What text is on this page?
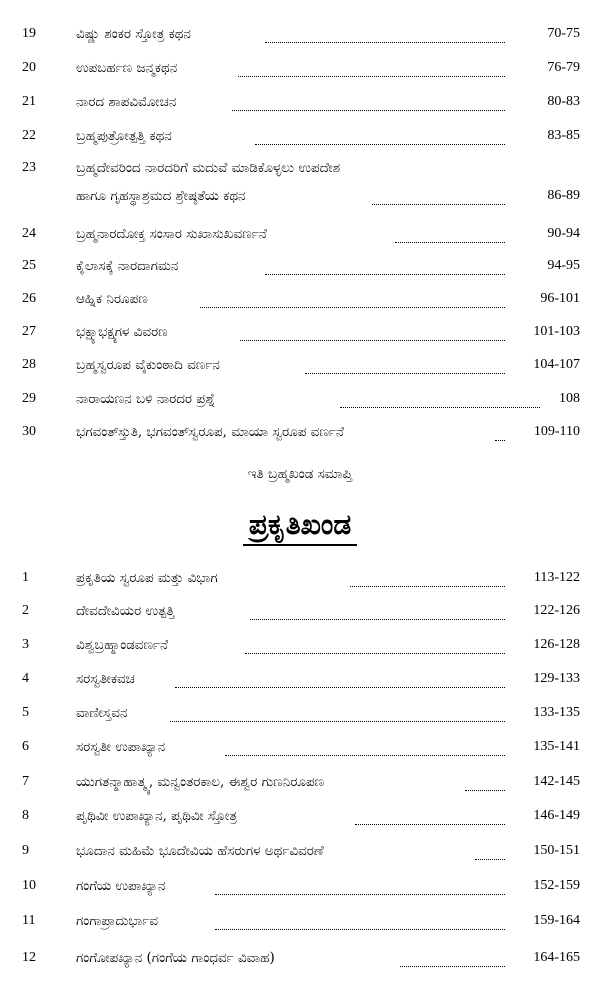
19	ವಿಷ್ಣು ಶಂಕರ ಸ್ತೋತ್ರ ಕಥನ	70-75
20	ಉಪಬರ್ಹಣ ಜನ್ಮಕಥನ	76-79
21	ನಾರದ ಶಾಪವಿಮೋಚನ	80-83
22	ಬ್ರಹ್ಮಪುತ್ರೋತ್ಪತ್ತಿ ಕಥನ	83-85
23	ಬ್ರಹ್ಮದೇವರಿಂದ ನಾರದರಿಗೆ ಮದುವೆ ಮಾಡಿಕೊಳ್ಳಲು ಉಪದೇಶ
ಹಾಗೂ ಗೃಹಸ್ಥಾಶ್ರಮದ ಶ್ರೇಷ್ಠತೆಯ ಕಥನ	86-89
24	ಬ್ರಹ್ಮನಾರದೋಕ್ತ ಸಂಸಾರ ಸುಖಾಸುಖವರ್ಣನೆ	90-94
25	ಕೈಲಾಸಕ್ಕೆ ನಾರದಾಗಮನ	94-95
26	ಆಹ್ನಿಕ ನಿರೂಪಣ	96-101
27	ಭಕ್ಷ್ಯಾಭಕ್ಷ್ಯಗಳ ವಿವರಣ	101-103
28	ಬ್ರಹ್ಮಸ್ವರೂಪ ವೈಕುಂಠಾದಿ ವರ್ಣನ	104-107
29	ನಾರಾಯಣನ ಬಳಿ ನಾರದರ ಪ್ರಶ್ನೆ	108
30	ಭಗವಂತ್‍ಸ್ತುತಿ, ಭಗವಂತ್‍ಸ್ವರೂಪ, ಮಾಯಾ ಸ್ವರೂಪ ವರ್ಣನೆ	109-110
ಇತಿ ಬ್ರಹ್ಮಖಂಡ ಸಮಾಪ್ತಿ
ಪ್ರಕೃತಿಖಂಡ
1	ಪ್ರಕೃತಿಯ ಸ್ವರೂಪ ಮತ್ತು ವಿಭಾಗ	113-122
2	ದೇವದೇವಿಯರ ಉತ್ಪತ್ತಿ	122-126
3	ವಿಶ್ವಬ್ರಹ್ಮಾಂಡವರ್ಣನೆ	126-128
4	ಸರಸ್ವತೀಕವಚ	129-133
5	ವಾಣೀಸ್ತವನ	133-135
6	ಸರಸ್ವತೀ ಉಪಾಖ್ಯಾನ	135-141
7	ಯುಗತನ್ಮಾಹಾತ್ಮ್ಯ, ಮನ್ವಂತರಕಾಲ, ಈಶ್ವರ ಗುಣನಿರೂಪಣ	142-145
8	ಪೃಥಿವೀ ಉಪಾಖ್ಯಾನ, ಪೃಥಿವೀ ಸ್ತೋತ್ರ	146-149
9	ಭೂದಾನ ಮಹಿಮೆ ಭೂದೇವಿಯ ಹೆಸರುಗಳ ಅರ್ಥವಿವರಣೆ	150-151
10	ಗಂಗೆಯ ಉಪಾಖ್ಯಾನ	152-159
11	ಗಂಗಾಪ್ರಾದುರ್ಭಾವ	159-164
12	ಗಂಗೋಪಖ್ಯಾನ (ಗಂಗೆಯ ಗಾಂಧರ್ವ ವಿವಾಹ)	164-165
